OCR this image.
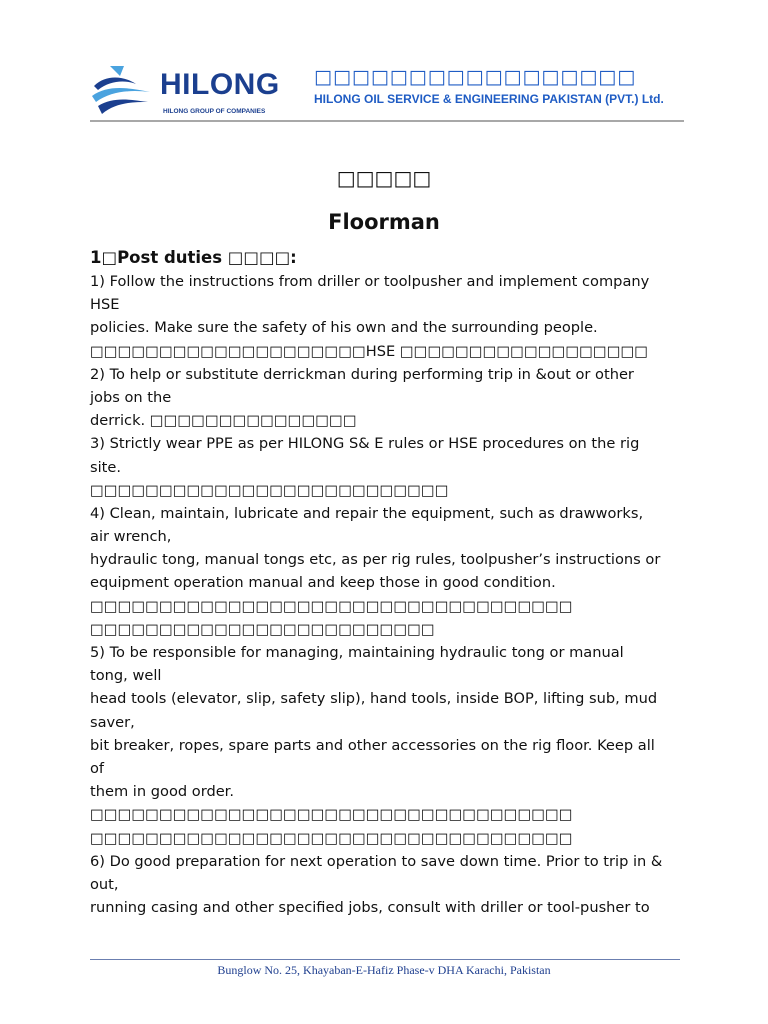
HILONG
HILONG GROUP OF COMPANIES
□□□□□□□□□□□□□□□□□
HILONG OIL SERVICE & ENGINEERING PAKISTAN (PVT.) Ltd.
□□□□□
Floorman
1□Post duties □□□□:
1) Follow the instructions from driller or toolpusher and implement company
HSE
policies. Make sure the safety of his own and the surrounding people.
□□□□□□□□□□□□□□□□□□□□HSE □□□□□□□□□□□□□□□□□□
2) To help or substitute derrickman during performing trip in &out or other
jobs on the
derrick. □□□□□□□□□□□□□□□
3) Strictly wear PPE as per HILONG S& E rules or HSE procedures on the rig
site.
□□□□□□□□□□□□□□□□□□□□□□□□□□
4) Clean, maintain, lubricate and repair the equipment, such as drawworks,
air wrench,
hydraulic tong, manual tongs etc, as per rig rules, toolpusher’s instructions or
equipment operation manual and keep those in good condition.
□□□□□□□□□□□□□□□□□□□□□□□□□□□□□□□□□□□
□□□□□□□□□□□□□□□□□□□□□□□□□
5) To be responsible for managing, maintaining hydraulic tong or manual
tong, well
head tools (elevator, slip, safety slip), hand tools, inside BOP, lifting sub, mud
saver,
bit breaker, ropes, spare parts and other accessories on the rig floor. Keep all
of
them in good order.
□□□□□□□□□□□□□□□□□□□□□□□□□□□□□□□□□□□
□□□□□□□□□□□□□□□□□□□□□□□□□□□□□□□□□□□
6) Do good preparation for next operation to save down time. Prior to trip in &
out,
running casing and other specified jobs, consult with driller or tool-pusher to
Bunglow No. 25, Khayaban-E-Hafiz Phase-v DHA Karachi, Pakistan
